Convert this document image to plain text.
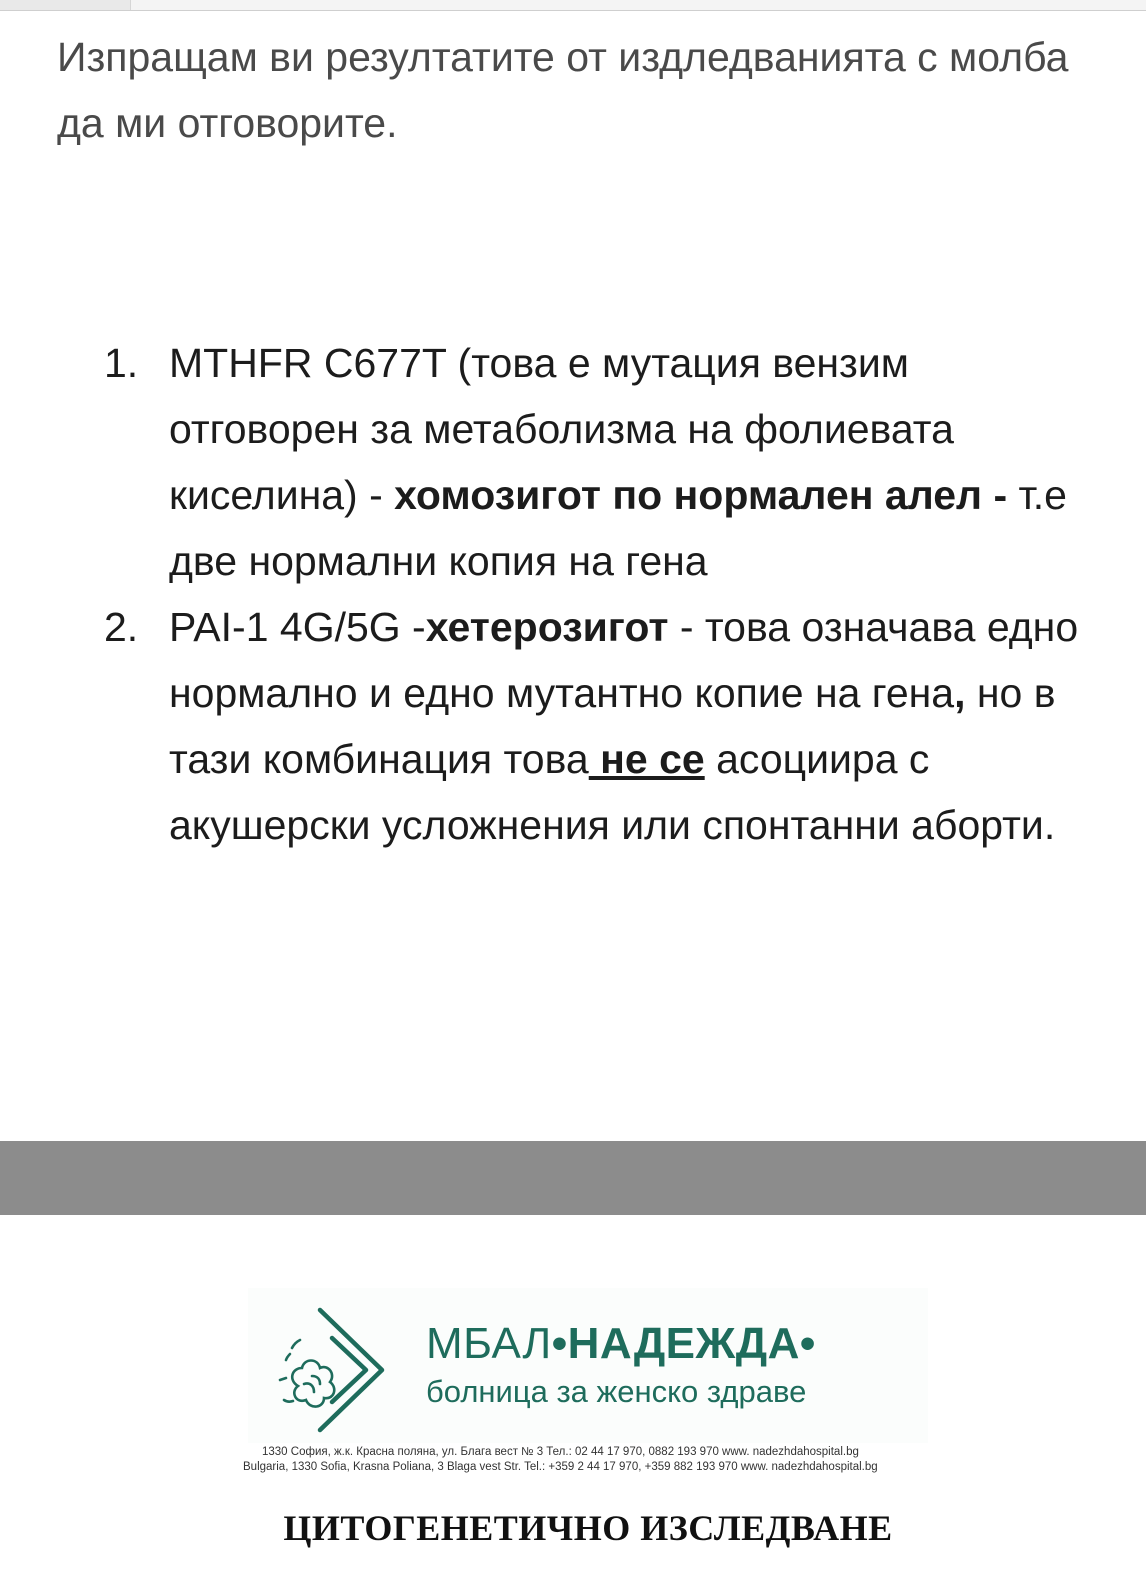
Изпращам ви резултатите от издледванията с молба да ми отговорите.

1. MTHFR C677T (това е мутация вензим отговорен за метаболизма на фолиевата киселина) - хомозигот по нормален алел - т.е две нормални копия на гена
2. PAI-1 4G/5G -хетерозигот - това означава едно нормално и едно мутантно копие на гена, но в тази комбинация това не се асоциира с акушерски усложнения или спонтанни аборти.
МБАЛ•НАДЕЖДА•
болница за женско здраве
1330 София, ж.к. Красна поляна, ул. Блага вест № 3 Тел.: 02 44 17 970, 0882 193 970 www. nadezhdahospital.bg
Bulgaria, 1330 Sofia, Krasna Poliana, 3 Blaga vest Str. Tel.: +359 2 44 17 970, +359 882 193 970 www. nadezhdahospital.bg
ЦИТОГЕНЕТИЧНО ИЗСЛЕДВАНЕ
